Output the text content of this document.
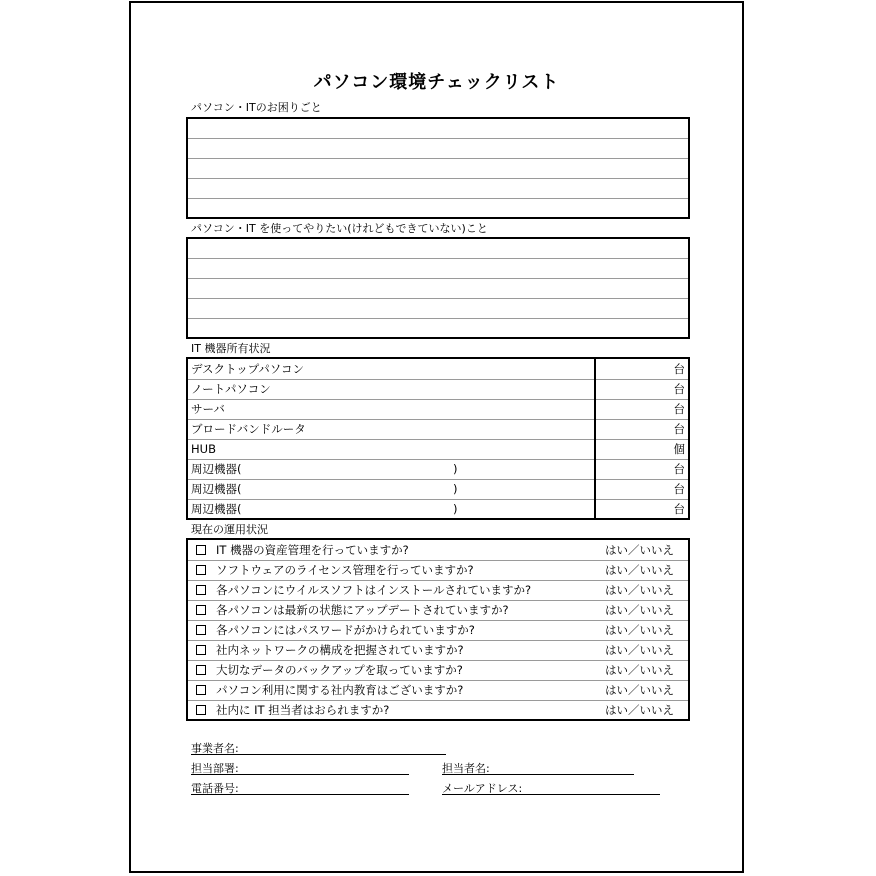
パソコン環境チェックリスト
パソコン・ITのお困りごと
パソコン・IT を使ってやりたい(けれどもできていない)こと
IT 機器所有状況
デスクトップパソコン	台
ノートパソコン	台
サーバ	台
ブロードバンドルータ	台
HUB	個
周辺機器( )	台
周辺機器( )	台
周辺機器( )	台
現在の運用状況
IT 機器の資産管理を行っていますか?	はい／いいえ
ソフトウェアのライセンス管理を行っていますか?	はい／いいえ
各パソコンにウイルスソフトはインストールされていますか?	はい／いいえ
各パソコンは最新の状態にアップデートされていますか?	はい／いいえ
各パソコンにはパスワードがかけられていますか?	はい／いいえ
社内ネットワークの構成を把握されていますか?	はい／いいえ
大切なデータのバックアップを取っていますか?	はい／いいえ
パソコン利用に関する社内教育はございますか?	はい／いいえ
社内に IT 担当者はおられますか?	はい／いいえ
事業者名:
担当部署:	担当者名:
電話番号:	メールアドレス:
